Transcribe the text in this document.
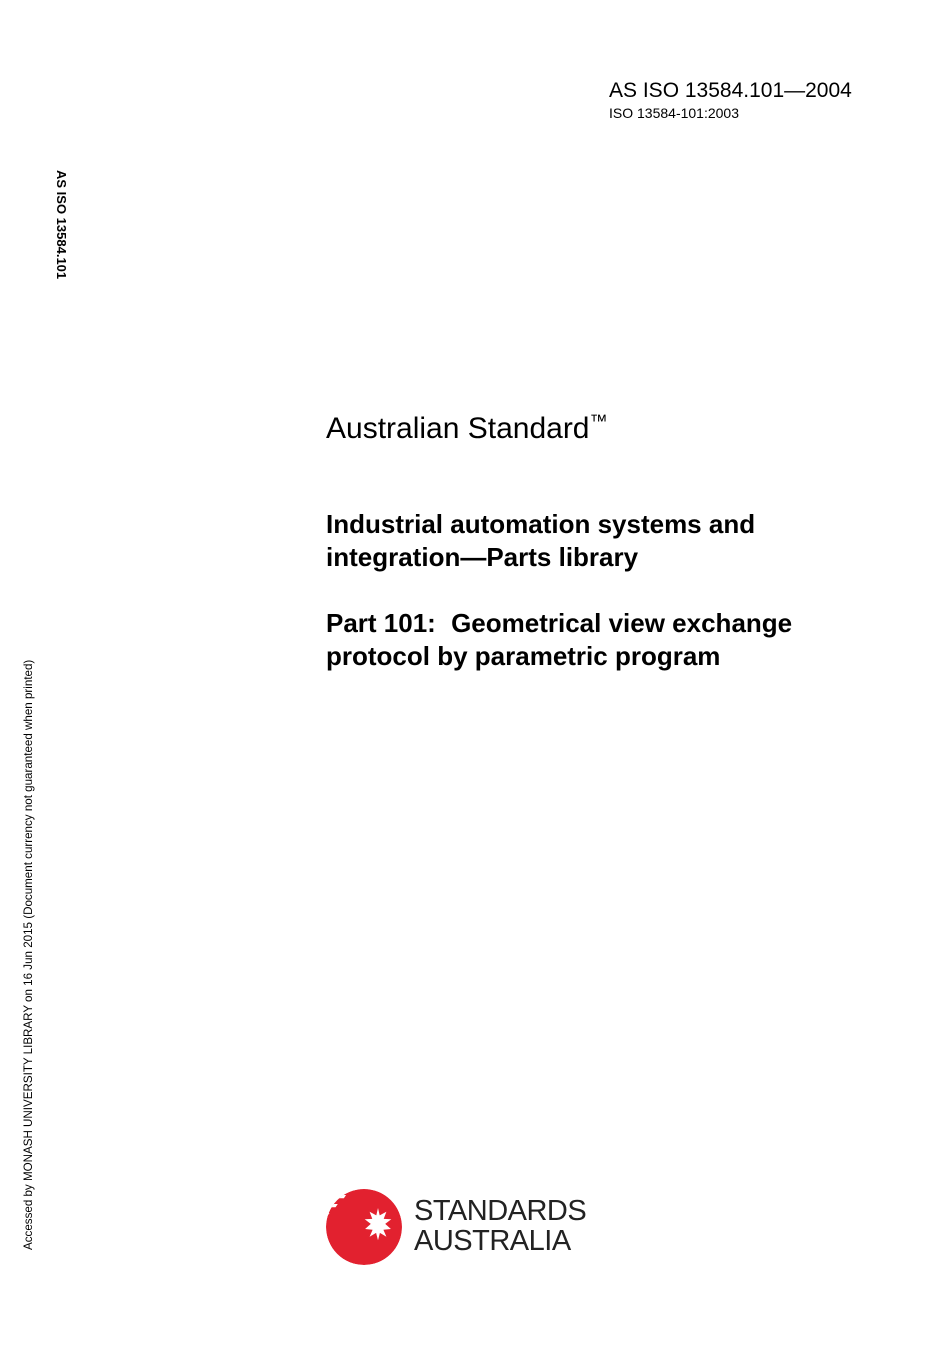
AS ISO 13584.101—2004
ISO 13584-101:2003
AS ISO 13584.101
Accessed by MONASH UNIVERSITY LIBRARY on 16 Jun 2015 (Document currency not guaranteed when printed)
Australian Standard™
Industrial automation systems and
integration—Parts library
Part 101: Geometrical view exchange
protocol by parametric program
STANDARDS
AUSTRALIA
